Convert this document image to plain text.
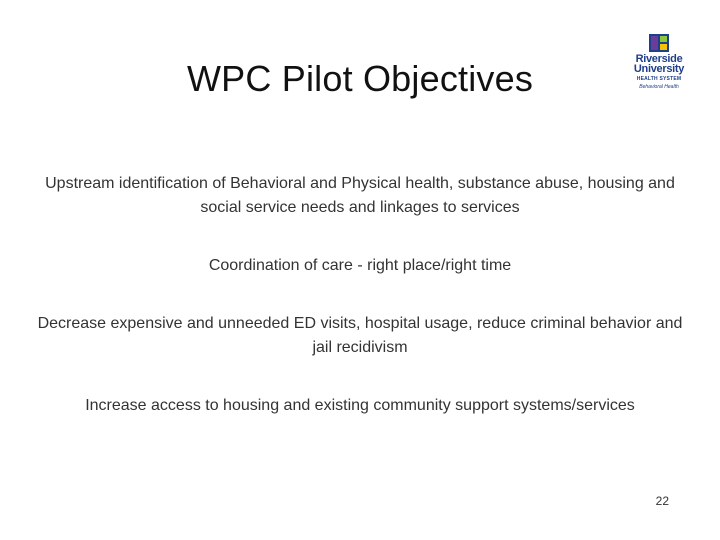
WPC Pilot Objectives	Riverside
University
HEALTH SYSTEM
Behavioral Health
Upstream identification of Behavioral and Physical health, substance abuse, housing and social service needs and linkages to services
Coordination of care - right place/right time
Decrease expensive and unneeded ED visits, hospital usage, reduce criminal behavior and jail recidivism
Increase access to housing and existing community support systems/services
22
